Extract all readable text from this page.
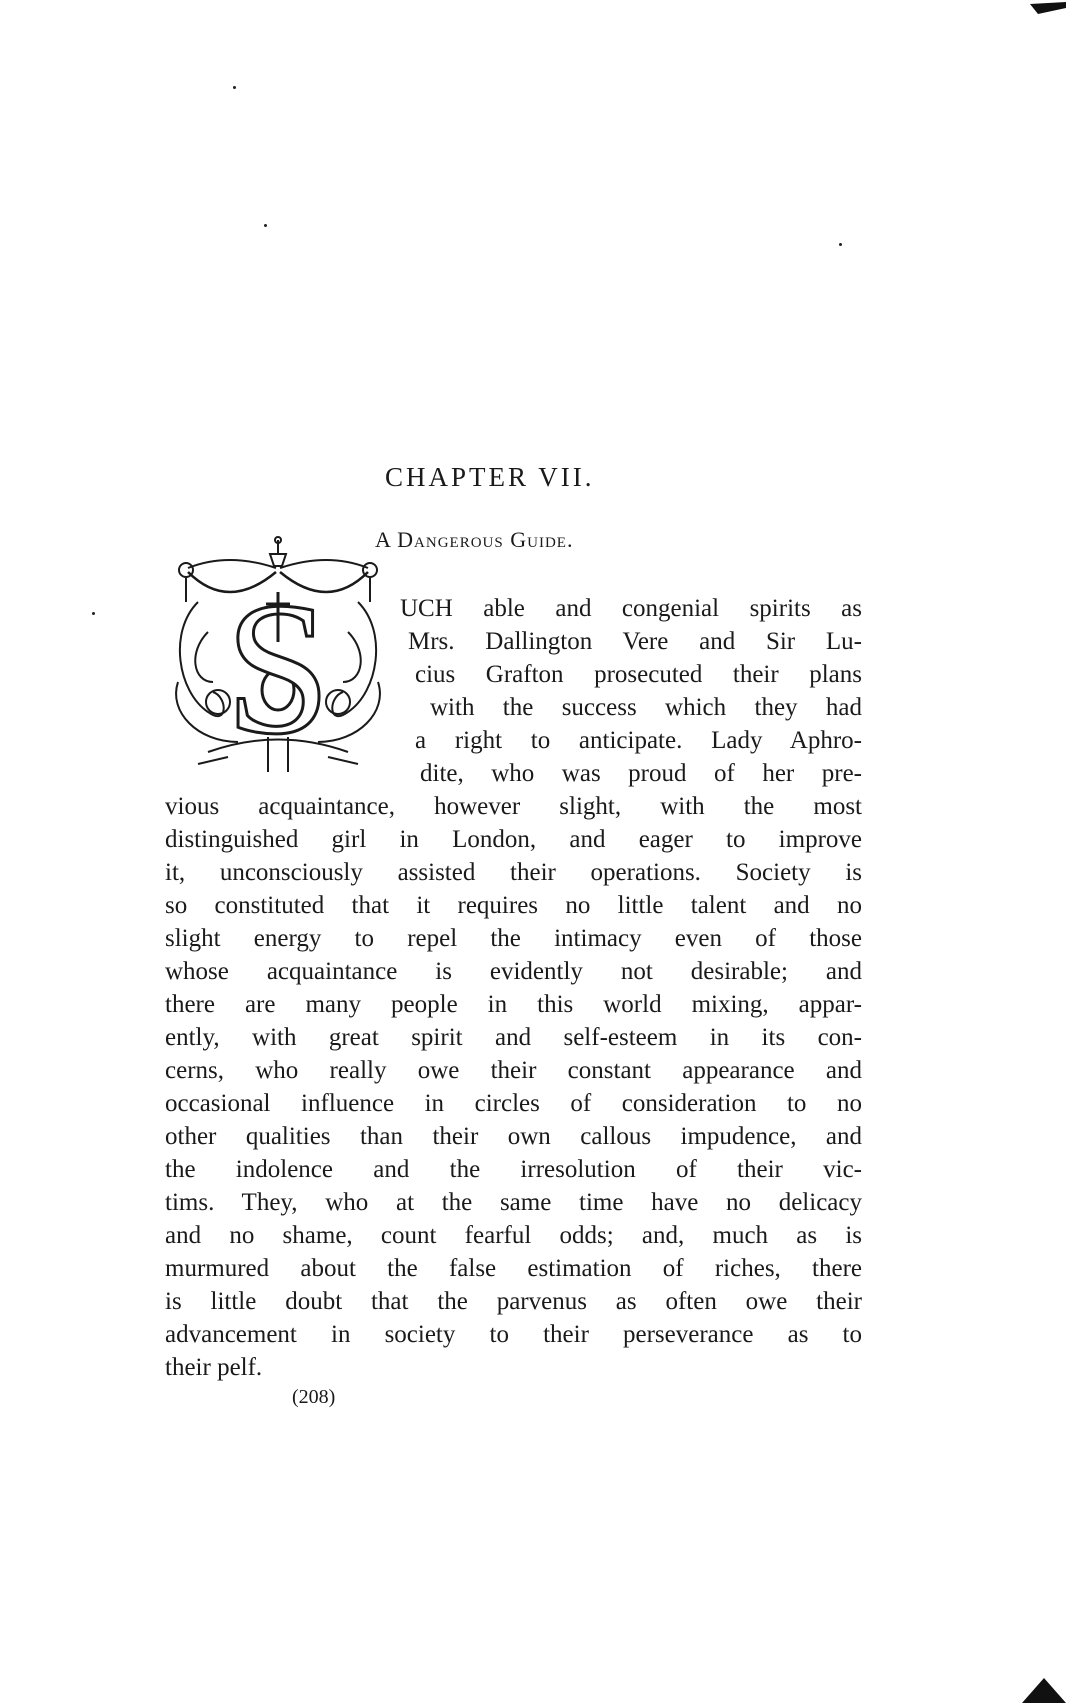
CHAPTER VII.
A Dangerous Guide.
S	UCH able and congenial spirits as
Mrs. Dallington Vere and Sir Lu-
cius Grafton prosecuted their plans
with the success which they had
a right to anticipate. Lady Aphro-
dite, who was proud of her pre-
vious acquaintance, however slight, with the most
distinguished girl in London, and eager to improve
it, unconsciously assisted their operations. Society is
so constituted that it requires no little talent and no
slight energy to repel the intimacy even of those
whose acquaintance is evidently not desirable; and
there are many people in this world mixing, appar-
ently, with great spirit and self-esteem in its con-
cerns, who really owe their constant appearance and
occasional influence in circles of consideration to no
other qualities than their own callous impudence, and
the indolence and the irresolution of their vic-
tims. They, who at the same time have no delicacy
and no shame, count fearful odds; and, much as is
murmured about the false estimation of riches, there
is little doubt that the parvenus as often owe their
advancement in society to their perseverance as to
their pelf.
(208)
